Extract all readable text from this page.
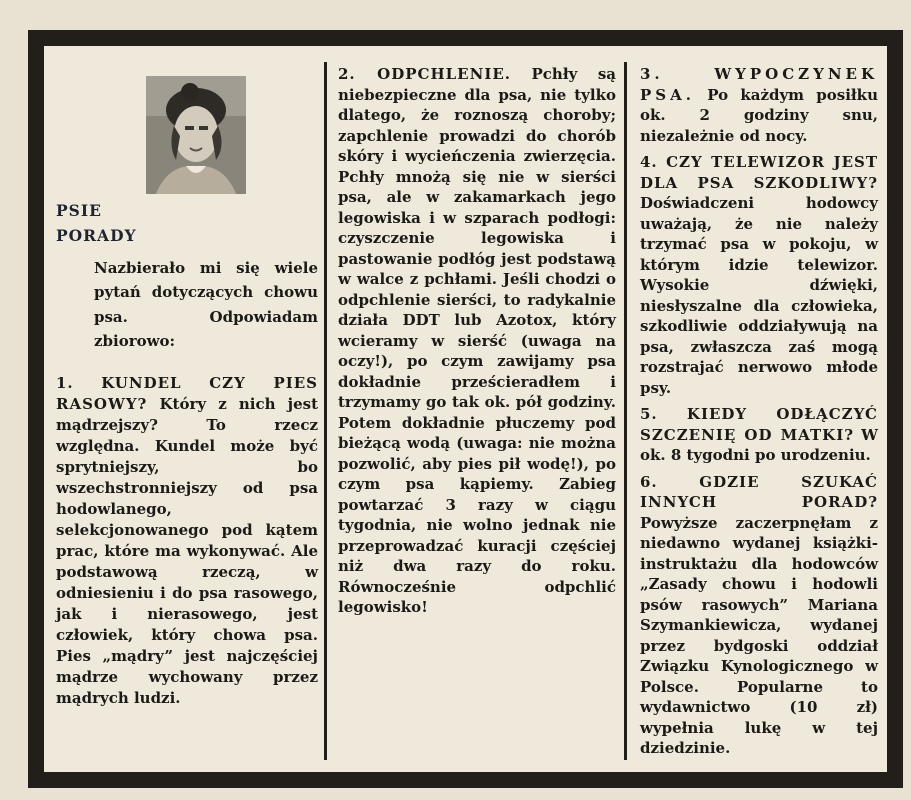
PSIE
PORADY
Nazbierało mi się wiele pytań dotyczących chowu psa. Odpowiadam zbiorowo:

1. KUNDEL CZY PIES RASOWY? Który z nich jest mądrzejszy? To rzecz względna. Kundel może być sprytniejszy, bo wszechstronniejszy od psa hodowlanego, selekcjonowanego pod kątem prac, które ma wykonywać. Ale podstawową rzeczą, w odniesieniu i do psa rasowego, jak i nierasowego, jest człowiek, który chowa psa. Pies „mądry” jest najczęściej mądrze wychowany przez mądrych ludzi.

2. ODPCHLENIE. Pchły są niebezpieczne dla psa, nie tylko dlatego, że roznoszą choroby; zapchlenie prowadzi do chorób skóry i wycieńczenia zwierzęcia. Pchły mnożą się nie w sierści psa, ale w zakamarkach jego legowiska i w szparach podłogi: czyszczenie legowiska i pastowanie podłóg jest podstawą w walce z pchłami. Jeśli chodzi o odpchlenie sierści, to radykalnie działa DDT lub Azotox, który wcieramy w sierść (uwaga na oczy!), po czym zawijamy psa dokładnie prześcieradłem i trzymamy go tak ok. pół godziny. Potem dokładnie płuczemy pod bieżącą wodą (uwaga: nie można pozwolić, aby pies pił wodę!), po czym psa kąpiemy. Zabieg powtarzać 3 razy w ciągu tygodnia, nie wolno jednak nie przeprowadzać kuracji częściej niż dwa razy do roku. Równocześnie odpchlić legowisko!

3. WYPOCZYNEK PSA. Po każdym posiłku ok. 2 godziny snu, niezależnie od nocy.

4. CZY TELEWIZOR JEST DLA PSA SZKODLIWY? Doświadczeni hodowcy uważają, że nie należy trzymać psa w pokoju, w którym idzie telewizor. Wysokie dźwięki, niesłyszalne dla człowieka, szkodliwie oddziaływują na psa, zwłaszcza zaś mogą rozstrajać nerwowo młode psy.

5. KIEDY ODŁĄCZYĆ SZCZENIĘ OD MATKI? W ok. 8 tygodni po urodzeniu.

6. GDZIE SZUKAĆ INNYCH PORAD? Powyższe zaczerpnęłam z niedawno wydanej książki-instruktażu dla hodowców „Zasady chowu i hodowli psów rasowych” Mariana Szymankiewicza, wydanej przez bydgoski oddział Związku Kynologicznego w Polsce. Popularne to wydawnictwo (10 zł) wypełnia lukę w tej dziedzinie.
